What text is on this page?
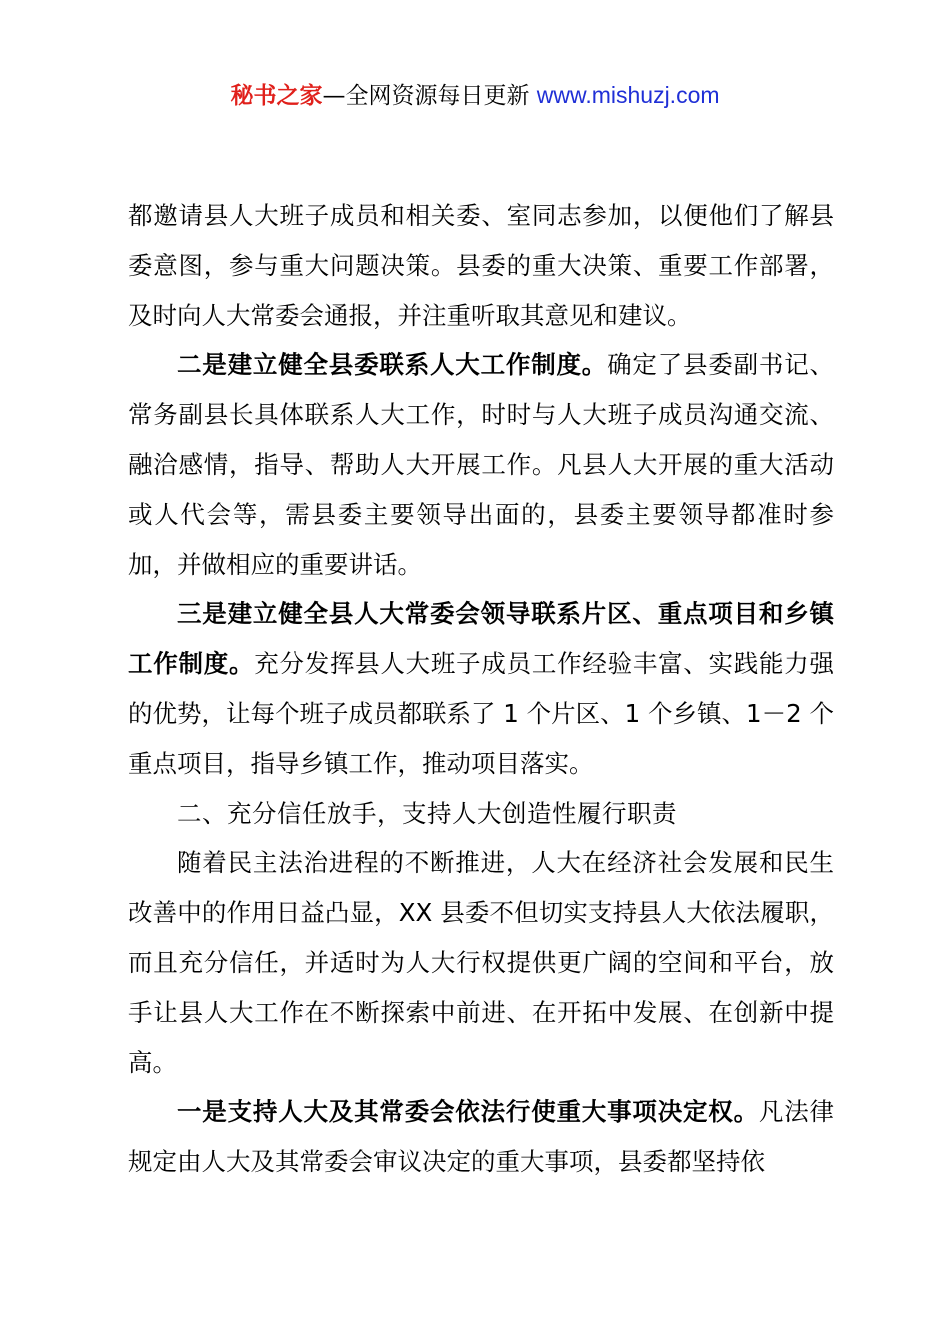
秘书之家—全网资源每日更新 www.mishuzj.com

都邀请县人大班子成员和相关委、室同志参加，以便他们了解县委意图，参与重大问题决策。县委的重大决策、重要工作部署，及时向人大常委会通报，并注重听取其意见和建议。

二是建立健全县委联系人大工作制度。确定了县委副书记、常务副县长具体联系人大工作，时时与人大班子成员沟通交流、融洽感情，指导、帮助人大开展工作。凡县人大开展的重大活动或人代会等，需县委主要领导出面的，县委主要领导都准时参加，并做相应的重要讲话。

三是建立健全县人大常委会领导联系片区、重点项目和乡镇工作制度。充分发挥县人大班子成员工作经验丰富、实践能力强的优势，让每个班子成员都联系了 1 个片区、1 个乡镇、1－2 个重点项目，指导乡镇工作，推动项目落实。

二、充分信任放手，支持人大创造性履行职责

随着民主法治进程的不断推进，人大在经济社会发展和民生改善中的作用日益凸显，XX 县委不但切实支持县人大依法履职，而且充分信任，并适时为人大行权提供更广阔的空间和平台，放手让县人大工作在不断探索中前进、在开拓中发展、在创新中提高。

一是支持人大及其常委会依法行使重大事项决定权。凡法律规定由人大及其常委会审议决定的重大事项，县委都坚持依
